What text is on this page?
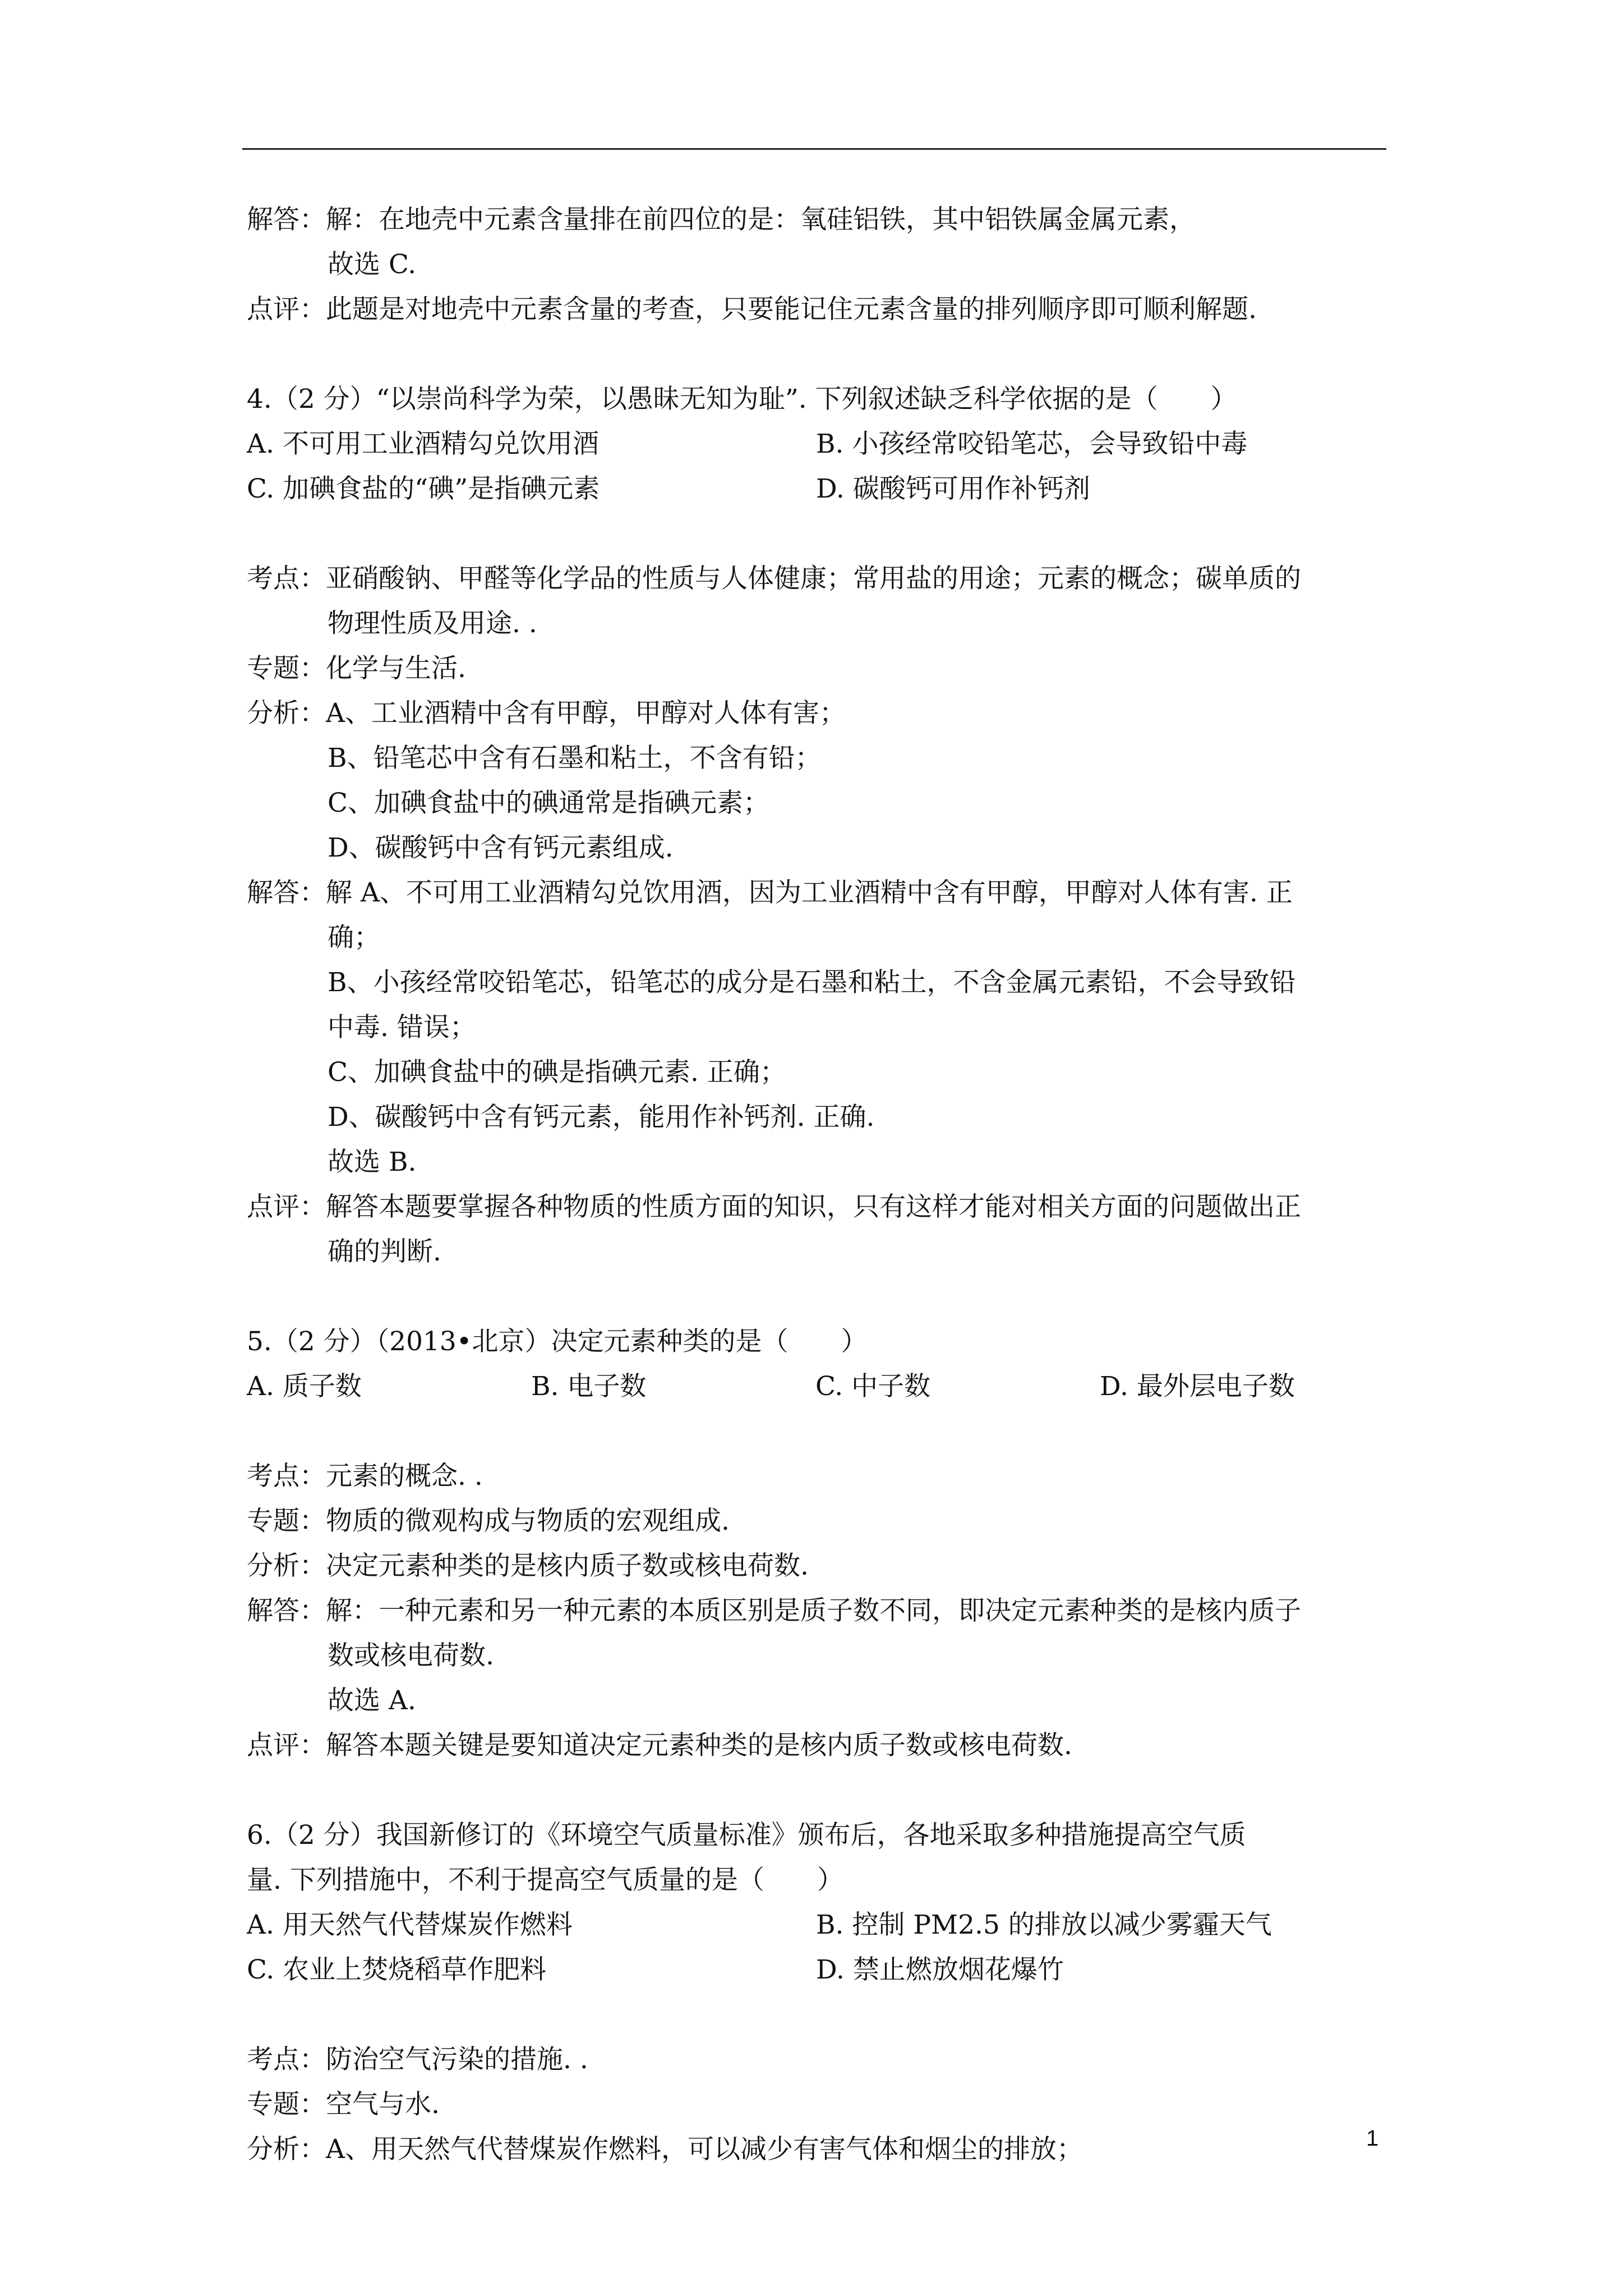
解答：解：在地壳中元素含量排在前四位的是：氧硅铝铁，其中铝铁属金属元素，
故选 C.
点评：此题是对地壳中元素含量的考查，只要能记住元素含量的排列顺序即可顺利解题.
4.（2 分）“以崇尚科学为荣，以愚昧无知为耻”. 下列叙述缺乏科学依据的是（　　）
A. 不可用工业酒精勾兑饮用酒	B. 小孩经常咬铅笔芯，会导致铅中毒
C. 加碘食盐的“碘”是指碘元素	D. 碳酸钙可用作补钙剂
考点：亚硝酸钠、甲醛等化学品的性质与人体健康；常用盐的用途；元素的概念；碳单质的
物理性质及用途. .
专题：化学与生活.
分析：A、工业酒精中含有甲醇，甲醇对人体有害；
B、铅笔芯中含有石墨和粘土，不含有铅；
C、加碘食盐中的碘通常是指碘元素；
D、碳酸钙中含有钙元素组成.
解答：解 A、不可用工业酒精勾兑饮用酒，因为工业酒精中含有甲醇，甲醇对人体有害. 正
确；
B、小孩经常咬铅笔芯，铅笔芯的成分是石墨和粘土，不含金属元素铅，不会导致铅
中毒. 错误；
C、加碘食盐中的碘是指碘元素. 正确；
D、碳酸钙中含有钙元素，能用作补钙剂. 正确.
故选 B.
点评：解答本题要掌握各种物质的性质方面的知识，只有这样才能对相关方面的问题做出正
确的判断.
5.（2 分）（2013•北京）决定元素种类的是（　　）
A. 质子数	B. 电子数	C. 中子数	D. 最外层电子数
考点：元素的概念. .
专题：物质的微观构成与物质的宏观组成.
分析：决定元素种类的是核内质子数或核电荷数.
解答：解：一种元素和另一种元素的本质区别是质子数不同，即决定元素种类的是核内质子
数或核电荷数.
故选 A.
点评：解答本题关键是要知道决定元素种类的是核内质子数或核电荷数.
6.（2 分）我国新修订的《环境空气质量标准》颁布后，各地采取多种措施提高空气质
量. 下列措施中，不利于提高空气质量的是（　　）
A. 用天然气代替煤炭作燃料	B. 控制 PM2.5 的排放以减少雾霾天气
C. 农业上焚烧稻草作肥料	D. 禁止燃放烟花爆竹
考点：防治空气污染的措施. .
专题：空气与水.
分析：A、用天然气代替煤炭作燃料，可以减少有害气体和烟尘的排放；	1
